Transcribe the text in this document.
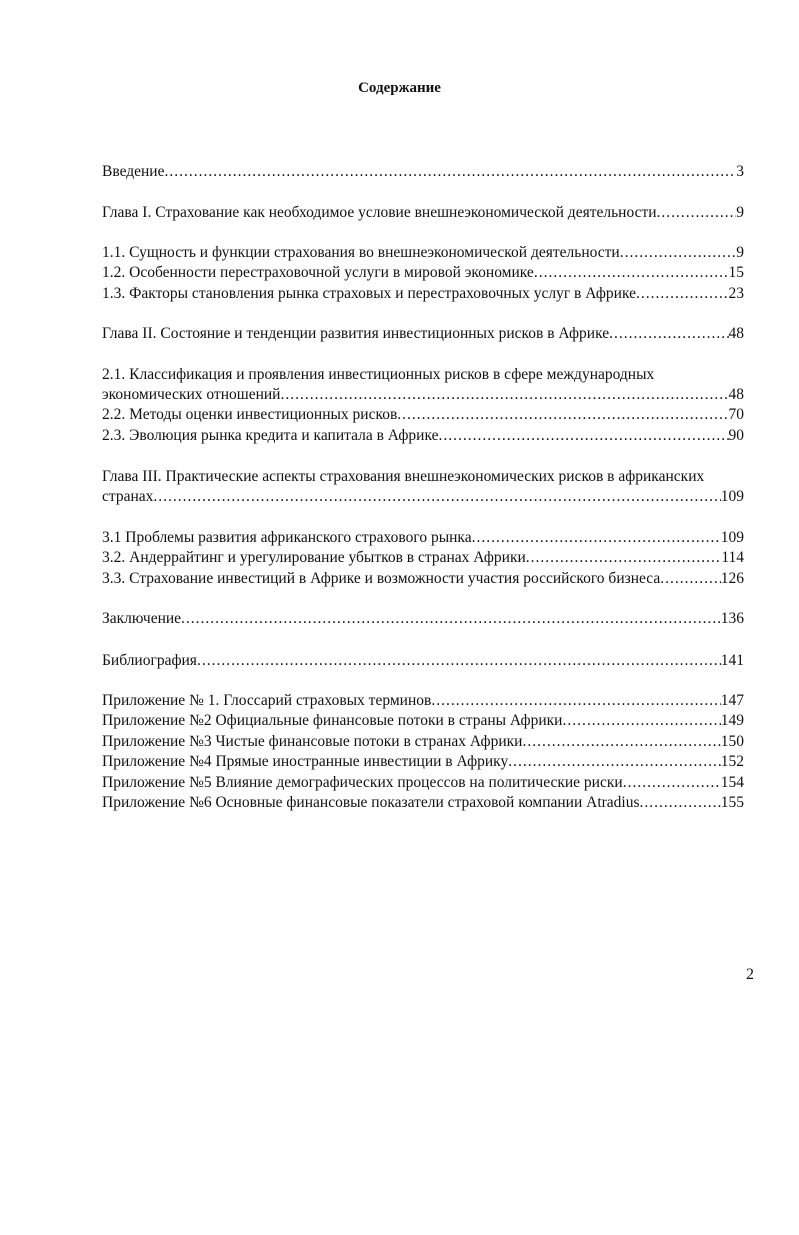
Содержание
Введение .....	3
Глава I. Страхование как необходимое условие внешнеэкономической деятельности .....	9
1.1. Сущность и функции страхования во внешнеэкономической деятельности .....	9
1.2. Особенности перестраховочной услуги в мировой экономике .....	15
1.3. Факторы становления рынка страховых и перестраховочных услуг в Африке .....	23
Глава II. Состояние и тенденции развития инвестиционных рисков в Африке .....	48
2.1. Классификация и проявления инвестиционных рисков в сфере международных
экономических отношений .....	48
2.2. Методы оценки инвестиционных рисков .....	70
2.3. Эволюция рынка кредита и капитала в Африке .....	90
Глава III. Практические аспекты страхования внешнеэкономических рисков в африканских
странах .....	109
3.1 Проблемы развития африканского страхового рынка .....	109
3.2. Андеррайтинг и урегулирование убытков в странах Африки .....	114
3.3. Страхование инвестиций в Африке и возможности участия российского бизнеса .....	126
Заключение .....	136
Библиография .....	141
Приложение № 1. Глоссарий страховых терминов .....	147
Приложение №2 Официальные финансовые потоки в страны Африки .....	149
Приложение №3 Чистые финансовые потоки в странах Африки .....	150
Приложение №4 Прямые иностранные инвестиции в Африку .....	152
Приложение №5 Влияние демографических процессов на политические риски .....	154
Приложение №6 Основные финансовые показатели страховой компании Atradius .....	155
2
